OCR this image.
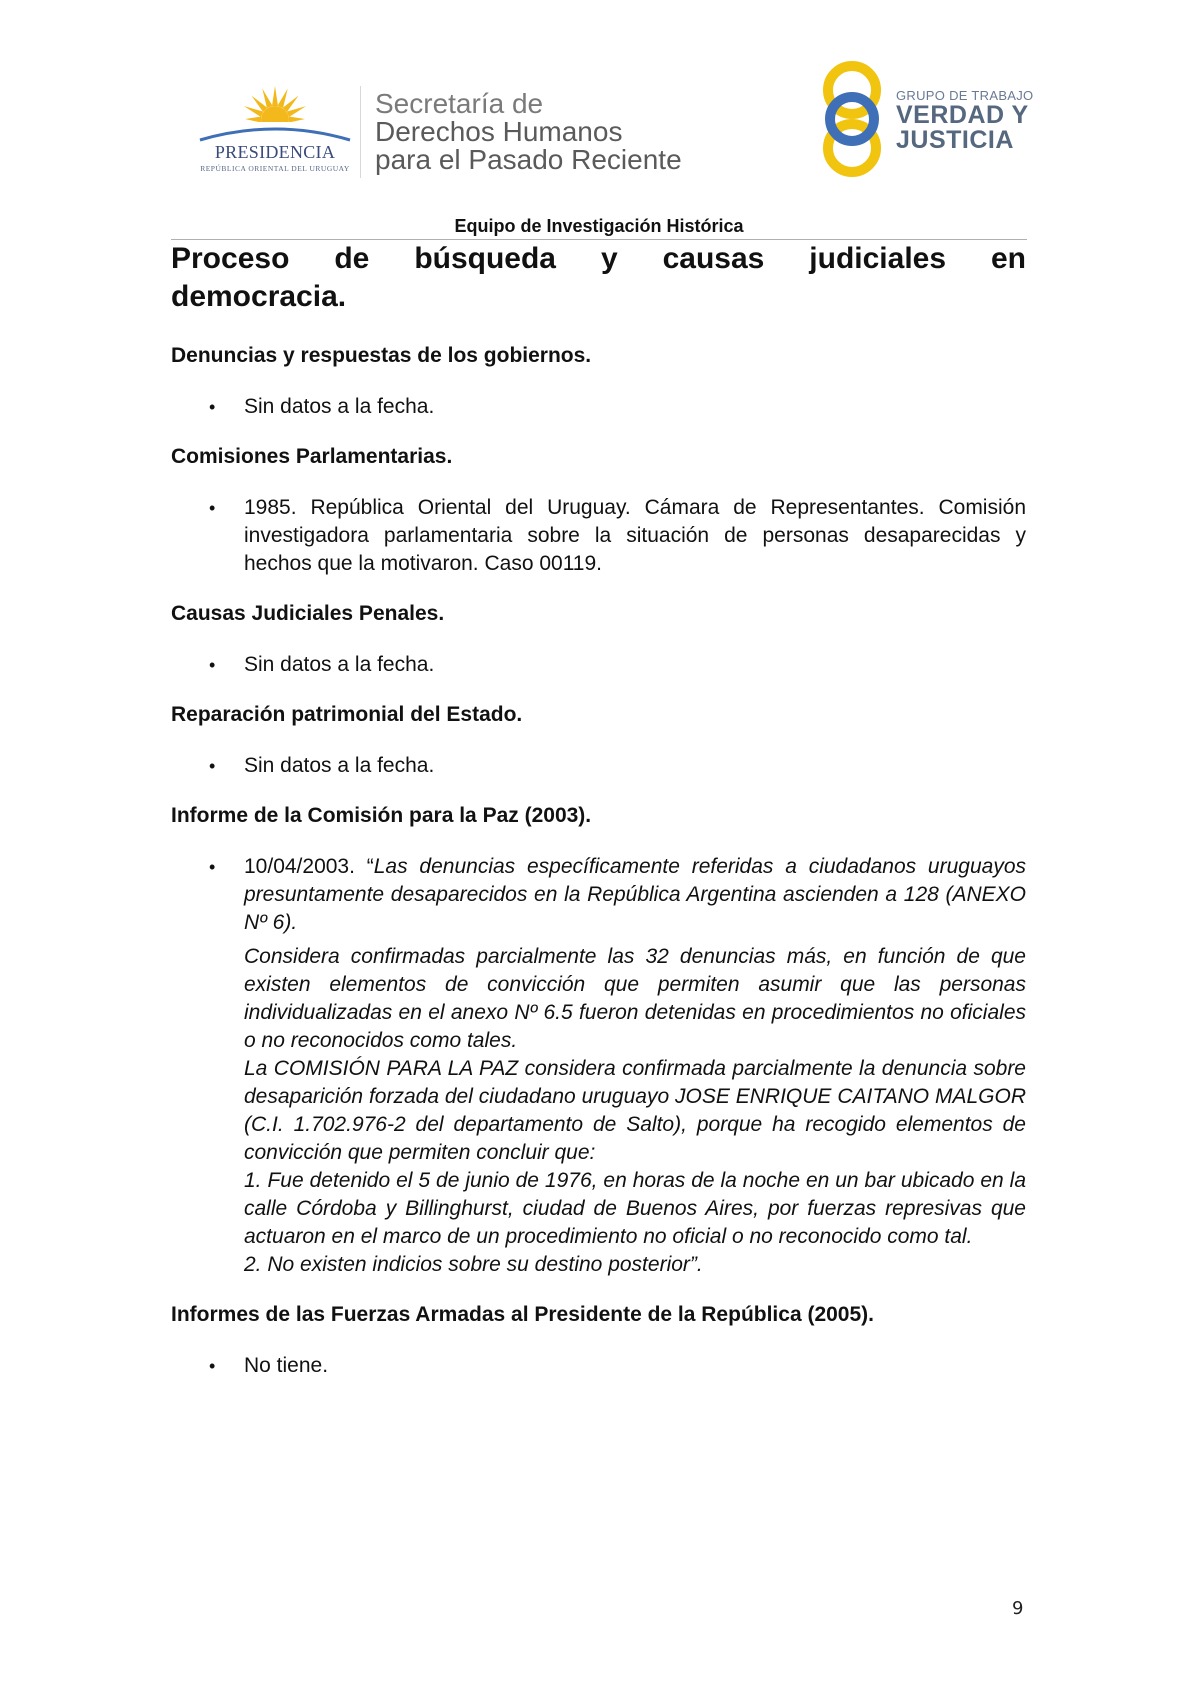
PRESIDENCIA
REPÚBLICA ORIENTAL DEL URUGUAY
Secretaría de
Derechos Humanos
para el Pasado Reciente
GRUPO DE TRABAJO
VERDAD Y
JUSTICIA
Equipo de Investigación Histórica
Proceso de búsqueda y causas judiciales en
democracia.
Denuncias y respuestas de los gobiernos.
• Sin datos a la fecha.
Comisiones Parlamentarias.
• 1985. República Oriental del Uruguay. Cámara de Representantes. Comisión investigadora parlamentaria sobre la situación de personas desaparecidas y hechos que la motivaron. Caso 00119.
Causas Judiciales Penales.
• Sin datos a la fecha.
Reparación patrimonial del Estado.
• Sin datos a la fecha.
Informe de la Comisión para la Paz (2003).
• 10/04/2003. “Las denuncias específicamente referidas a ciudadanos uruguayos presuntamente desaparecidos en la República Argentina ascienden a 128 (ANEXO Nº 6).
Considera confirmadas parcialmente las 32 denuncias más, en función de que existen elementos de convicción que permiten asumir que las personas individualizadas en el anexo Nº 6.5 fueron detenidas en procedimientos no oficiales o no reconocidos como tales.
La COMISIÓN PARA LA PAZ considera confirmada parcialmente la denuncia sobre desaparición forzada del ciudadano uruguayo JOSE ENRIQUE CAITANO MALGOR (C.I. 1.702.976-2 del departamento de Salto), porque ha recogido elementos de convicción que permiten concluir que:
1. Fue detenido el 5 de junio de 1976, en horas de la noche en un bar ubicado en la calle Córdoba y Billinghurst, ciudad de Buenos Aires, por fuerzas represivas que actuaron en el marco de un procedimiento no oficial o no reconocido como tal.
2. No existen indicios sobre su destino posterior”.
Informes de las Fuerzas Armadas al Presidente de la República (2005).
• No tiene.
9
